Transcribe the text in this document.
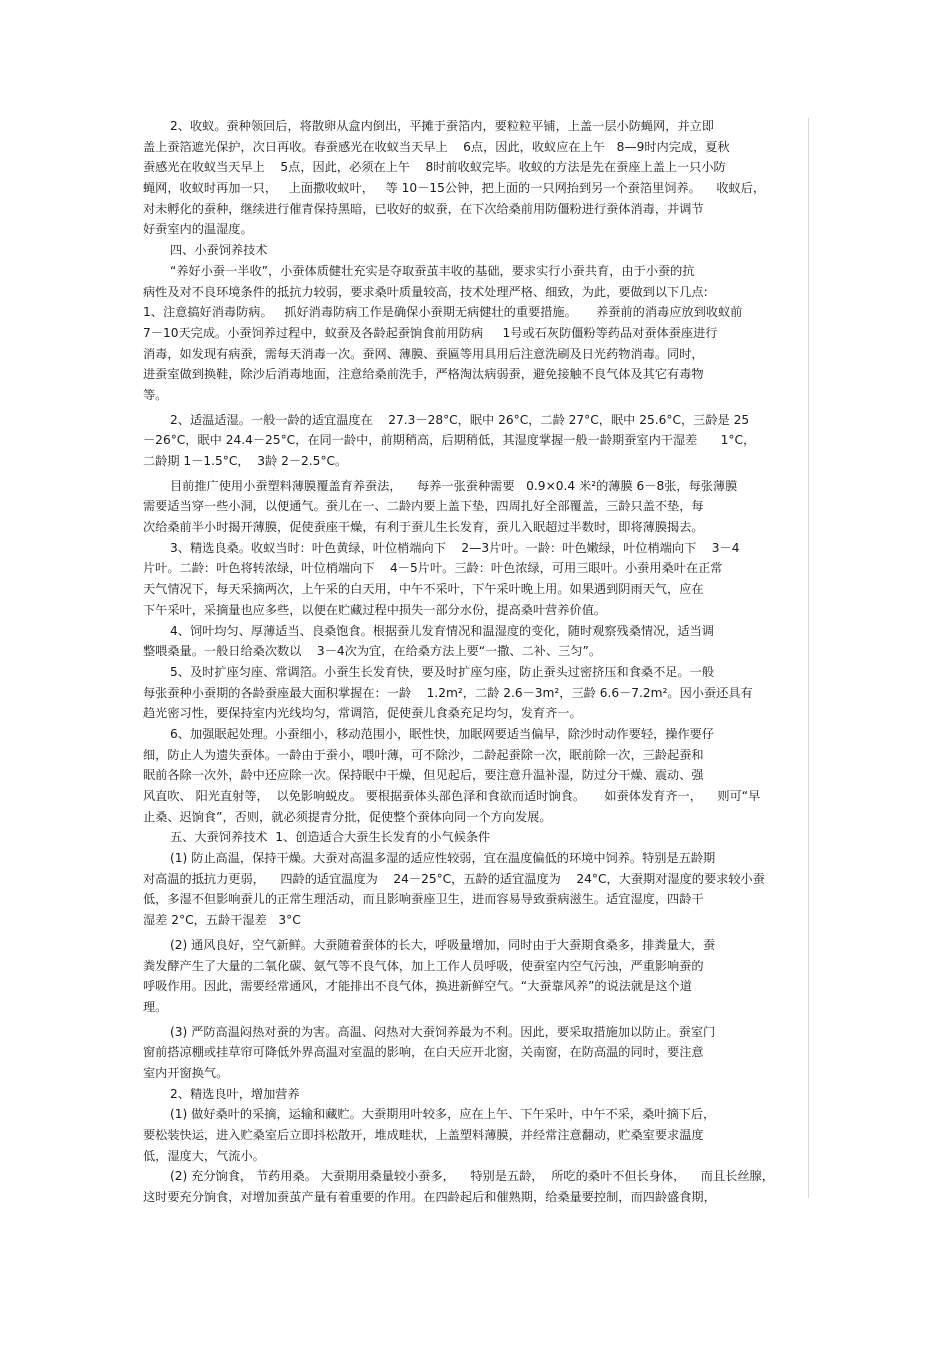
2、收蚁。蚕种领回后，将散卵从盒内倒出，平摊于蚕箔内，要粒粒平铺，上盖一层小防蝇网，并立即
盖上蚕箔遮光保护，次日再收。春蚕感光在收蚁当天早上    6点，因此，收蚁应在上午   8—9时内完成，夏秋
蚕感光在收蚁当天早上    5点，因此，必须在上午    8时前收蚁完毕。收蚁的方法是先在蚕座上盖上一只小防
蝇网，收蚁时再加一只，   上面撒收蚁叶，   等 10－15公钟，把上面的一只网抬到另一个蚕箔里饲养。    收蚁后，
对未孵化的蚕种，继续进行催青保持黑暗，已收好的蚁蚕，在下次给桑前用防僵粉进行蚕体消毒，并调节
好蚕室内的温湿度。
四、小蚕饲养技术
“养好小蚕一半收”，小蚕体质健壮充实是夺取蚕茧丰收的基础，要求实行小蚕共育，由于小蚕的抗
病性及对不良环境条件的抵抗力较弱，要求桑叶质量较高，技术处理严格、细致，为此，要做到以下几点:
1、注意搞好消毒防病。   抓好消毒防病工作是确保小蚕期无病健壮的重要措施。     养蚕前的消毒应放到收蚁前
7－10天完成。小蚕饲养过程中，蚁蚕及各龄起蚕饷食前用防病     1号或石灰防僵粉等药品对蚕体蚕座进行
消毒，如发现有病蚕，需每天消毒一次。蚕网、薄膜、蚕匾等用具用后注意洗刷及日光药物消毒。同时，
进蚕室做到换鞋，除沙后消毒地面，注意给桑前洗手，严格淘汰病弱蚕，避免接触不良气体及其它有毒物
等。
2、适温适湿。一般一龄的适宜温度在    27.3－28°C，眠中 26°C，二龄 27°C，眠中 25.6°C，三龄是 25
－26°C，眠中 24.4－25°C，在同一龄中，前期稍高，后期稍低，其湿度掌握一般一龄期蚕室内干湿差      1°C，
二龄期 1－1.5°C，  3龄 2－2.5°C。
目前推广使用小蚕塑料薄膜覆盖育养蚕法，    每养一张蚕种需要   0.9×0.4 米²的薄膜 6－8张，每张薄膜
需要适当穿一些小洞，以便通气。蚕儿在一、二龄内要上盖下垫，四周扎好全部覆盖，三龄只盖不垫，每
次给桑前半小时揭开薄膜，促使蚕座干燥，有利于蚕儿生长发育，蚕儿入眠超过半数时，即将薄膜揭去。
3、精选良桑。收蚁当时：叶色黄绿，叶位梢端向下    2—3片叶。一龄：叶色嫩绿，叶位梢端向下    3－4
片叶。二龄：叶色将转浓绿，叶位梢端向下    4－5片叶。三龄：叶色浓绿，可用三眼叶。小蚕用桑叶在正常
天气情况下，每天采摘两次，上午采的白天用，中午不采叶，下午采叶晚上用。如果遇到阴雨天气，应在
下午采叶，采摘量也应多些，以便在贮藏过程中损失一部分水份，提高桑叶营养价值。
4、饲叶均匀、厚薄适当、良桑饱食。根据蚕儿发育情况和温湿度的变化，随时观察残桑情况，适当调
整喂桑量。一般日给桑次数以    3－4次为宜，在给桑方法上要“一撒、二补、三匀”。
5、及时扩座匀座、常调箔。小蚕生长发育快，要及时扩座匀座，防止蚕头过密挤压和食桑不足。一般
每张蚕种小蚕期的各龄蚕座最大面积掌握在：一龄    1.2m²，二龄 2.6－3m²，三龄 6.6－7.2m²。因小蚕还具有
趋光密习性，要保持室内光线均匀，常调箔，促使蚕儿食桑充足均匀，发育齐一。
6、加强眠起处理。小蚕细小，移动范围小，眠性快，加眠网要适当偏早，除沙时动作要轻，操作要仔
细，防止人为遗失蚕体。一龄由于蚕小，喂叶薄，可不除沙，二龄起蚕除一次，眠前除一次，三龄起蚕和
眠前各除一次外，龄中还应除一次。保持眠中干燥，但见起后，要注意升温补湿，防过分干燥、震动、强
风直吹、 阳光直射等，  以免影响蜕皮。 要根据蚕体头部色泽和食欲而适时饷食。     如蚕体发育齐一，    则可“早
止桑、迟饷食”，否则，就必须提青分批，促使整个蚕体向同一个方向发展。
五、大蚕饲养技术  1、创造适合大蚕生长发育的小气候条件
(1) 防止高温，保持干燥。大蚕对高温多湿的适应性较弱，宜在温度偏低的环境中饲养。特别是五龄期
对高温的抵抗力更弱，    四龄的适宜温度为    24－25°C，五龄的适宜温度为    24°C，大蚕期对湿度的要求较小蚕
低，多湿不但影响蚕儿的正常生理活动，而且影响蚕座卫生，进而容易导致蚕病滋生。适宜湿度，四龄干
湿差 2°C，五龄干湿差   3°C
(2) 通风良好，空气新鲜。大蚕随着蚕体的长大，呼吸量增加，同时由于大蚕期食桑多，排粪量大，蚕
粪发酵产生了大量的二氧化碳、氨气等不良气体，加上工作人员呼吸，使蚕室内空气污浊，严重影响蚕的
呼吸作用。因此，需要经常通风，才能排出不良气体，换进新鲜空气。“大蚕靠风养”的说法就是这个道
理。
(3) 严防高温闷热对蚕的为害。高温、闷热对大蚕饲养最为不利。因此，要采取措施加以防止。蚕室门
窗前搭凉棚或挂草帘可降低外界高温对室温的影响，在白天应开北窗，关南窗，在防高温的同时，要注意
室内开窗换气。
2、精选良叶，增加营养
(1) 做好桑叶的采摘，运输和藏贮。大蚕期用叶较多，应在上午、下午采叶，中午不采，桑叶摘下后，
要松装快运，进入贮桑室后立即抖松散开，堆成畦状，上盖塑料薄膜，并经常注意翻动，贮桑室要求温度
低，湿度大，气流小。
(2) 充分饷食， 节药用桑。 大蚕期用桑量较小蚕多，    特别是五龄，  所吃的桑叶不但长身体，    而且长丝腺，
这时要充分饷食，对增加蚕茧产量有着重要的作用。在四龄起后和催熟期，给桑量要控制，而四龄盛食期，
